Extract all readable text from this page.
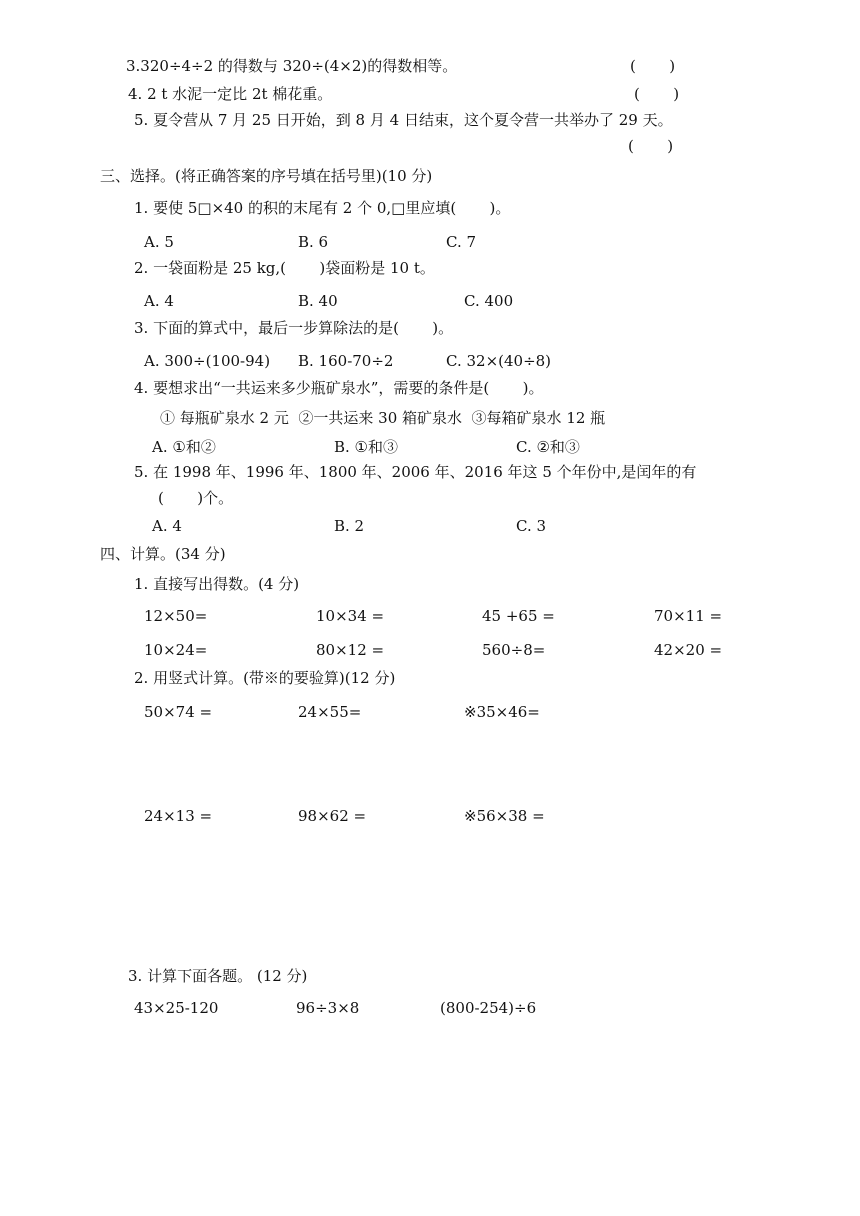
3.320÷4÷2 的得数与 320÷(4×2)的得数相等。	(       )
4. 2 t 水泥一定比 2t 棉花重。	(       )
5. 夏令营从 7 月 25 日开始，到 8 月 4 日结束，这个夏令营一共举办了 29 天。
(       )
三、选择。(将正确答案的序号填在括号里)(10 分)
1. 要使 5□×40 的积的末尾有 2 个 0,□里应填(       )。
A. 5	B. 6	C. 7
2. 一袋面粉是 25 kg,(       )袋面粉是 10 t。
A. 4	B. 40	C. 400
3. 下面的算式中，最后一步算除法的是(       )。
A. 300÷(100-94) B. 160-70÷2	C. 32×(40÷8)
4. 要想求出“一共运来多少瓶矿泉水”，需要的条件是(       )。
① 每瓶矿泉水 2 元  ②一共运来 30 箱矿泉水  ③每箱矿泉水 12 瓶
A. ①和②	B. ①和③	C. ②和③
5. 在 1998 年、1996 年、1800 年、2006 年、2016 年这 5 个年份中,是闰年的有
(       )个。
A. 4	B. 2	C. 3
四、计算。(34 分)
1. 直接写出得数。(4 分)
12×50=	10×34 =	45 +65 =	70×11 =
10×24=	80×12 =	560÷8=	42×20 =
2. 用竖式计算。(带※的要验算)(12 分)
50×74 =	24×55=	※35×46=
24×13 =	98×62 =	※56×38 =
3. 计算下面各题。 (12 分)
43×25-120	96÷3×8	(800-254)÷6
